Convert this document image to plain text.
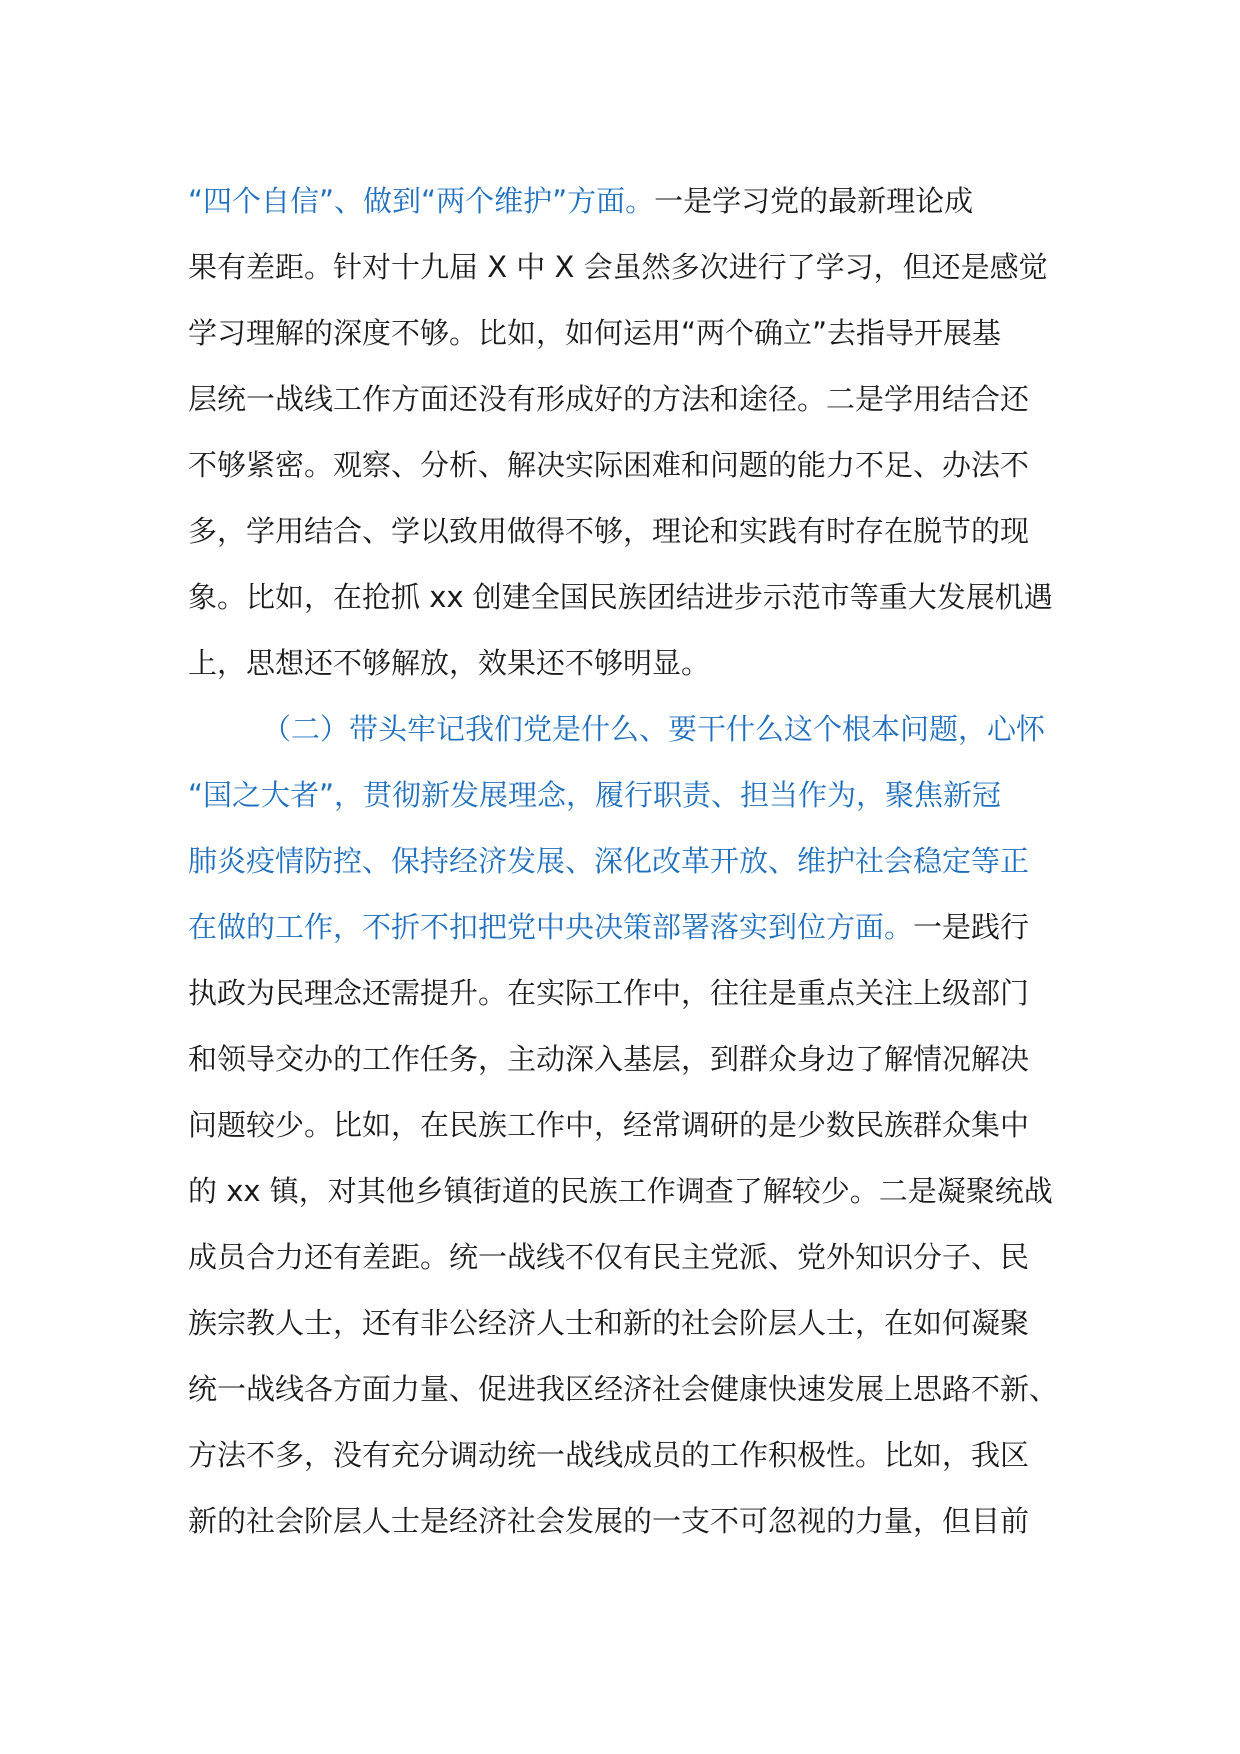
“四个自信”、做到“两个维护”方面。一是学习党的最新理论成
果有差距。针对十九届 X 中 X 会虽然多次进行了学习，但还是感觉
学习理解的深度不够。比如，如何运用“两个确立”去指导开展基
层统一战线工作方面还没有形成好的方法和途径。二是学用结合还
不够紧密。观察、分析、解决实际困难和问题的能力不足、办法不
多，学用结合、学以致用做得不够，理论和实践有时存在脱节的现
象。比如，在抢抓 xx 创建全国民族团结进步示范市等重大发展机遇
上，思想还不够解放，效果还不够明显。
（二）带头牢记我们党是什么、要干什么这个根本问题，心怀
“国之大者”，贯彻新发展理念，履行职责、担当作为，聚焦新冠
肺炎疫情防控、保持经济发展、深化改革开放、维护社会稳定等正
在做的工作，不折不扣把党中央决策部署落实到位方面。一是践行
执政为民理念还需提升。在实际工作中，往往是重点关注上级部门
和领导交办的工作任务，主动深入基层，到群众身边了解情况解决
问题较少。比如，在民族工作中，经常调研的是少数民族群众集中
的 xx 镇，对其他乡镇街道的民族工作调查了解较少。二是凝聚统战
成员合力还有差距。统一战线不仅有民主党派、党外知识分子、民
族宗教人士，还有非公经济人士和新的社会阶层人士，在如何凝聚
统一战线各方面力量、促进我区经济社会健康快速发展上思路不新、
方法不多，没有充分调动统一战线成员的工作积极性。比如，我区
新的社会阶层人士是经济社会发展的一支不可忽视的力量，但目前
